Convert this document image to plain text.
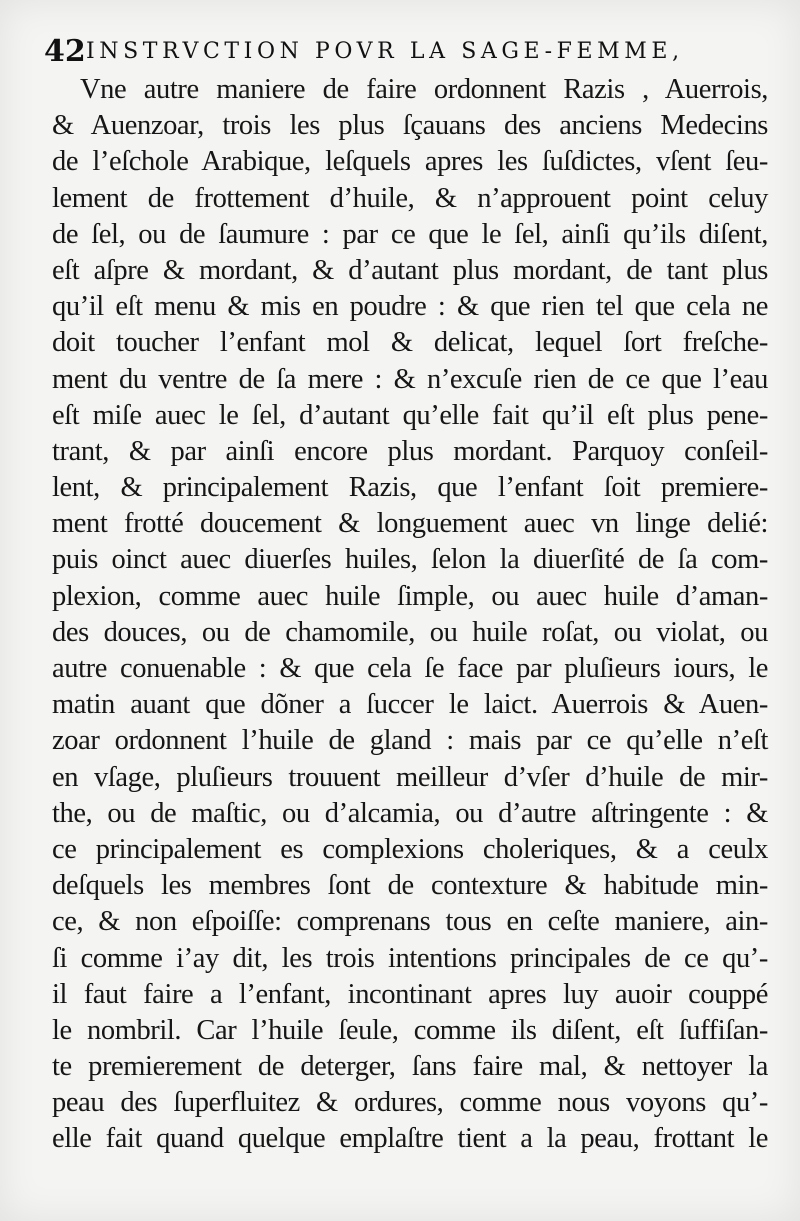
42 INSTRVCTION POVR LA SAGE-FEMME,
Vne autre maniere de faire ordonnent Razis , Auerrois,
& Auenzoar, trois les plus ſçauans des anciens Medecins
de l’eſchole Arabique, leſquels apres les ſuſdictes, vſent ſeu-
lement de frottement d’huile, & n’approuent point celuy
de ſel, ou de ſaumure : par ce que le ſel, ainſi qu’ils diſent,
eſt aſpre & mordant, & d’autant plus mordant, de tant plus
qu’il eſt menu & mis en poudre : & que rien tel que cela ne
doit toucher l’enfant mol & delicat, lequel ſort freſche-
ment du ventre de ſa mere : & n’excuſe rien de ce que l’eau
eſt miſe auec le ſel, d’autant qu’elle fait qu’il eſt plus pene-
trant, & par ainſi encore plus mordant. Parquoy conſeil-
lent, & principalement Razis, que l’enfant ſoit premiere-
ment frotté doucement & longuement auec vn linge delié:
puis oinct auec diuerſes huiles, ſelon la diuerſité de ſa com-
plexion, comme auec huile ſimple, ou auec huile d’aman-
des douces, ou de chamomile, ou huile roſat, ou violat, ou
autre conuenable : & que cela ſe face par pluſieurs iours, le
matin auant que dõner a ſuccer le laict. Auerrois & Auen-
zoar ordonnent l’huile de gland : mais par ce qu’elle n’eſt
en vſage, pluſieurs trouuent meilleur d’vſer d’huile de mir-
the, ou de maſtic, ou d’alcamia, ou d’autre aſtringente : &
ce principalement es complexions choleriques, & a ceulx
deſquels les membres ſont de contexture & habitude min-
ce, & non eſpoiſſe: comprenans tous en ceſte maniere, ain-
ſi comme i’ay dit, les trois intentions principales de ce qu’-
il faut faire a l’enfant, incontinant apres luy auoir couppé
le nombril. Car l’huile ſeule, comme ils diſent, eſt ſuffiſan-
te premierement de deterger, ſans faire mal, & nettoyer la
peau des ſuperfluitez & ordures, comme nous voyons qu’-
elle fait quand quelque emplaſtre tient a la peau, frottant le
